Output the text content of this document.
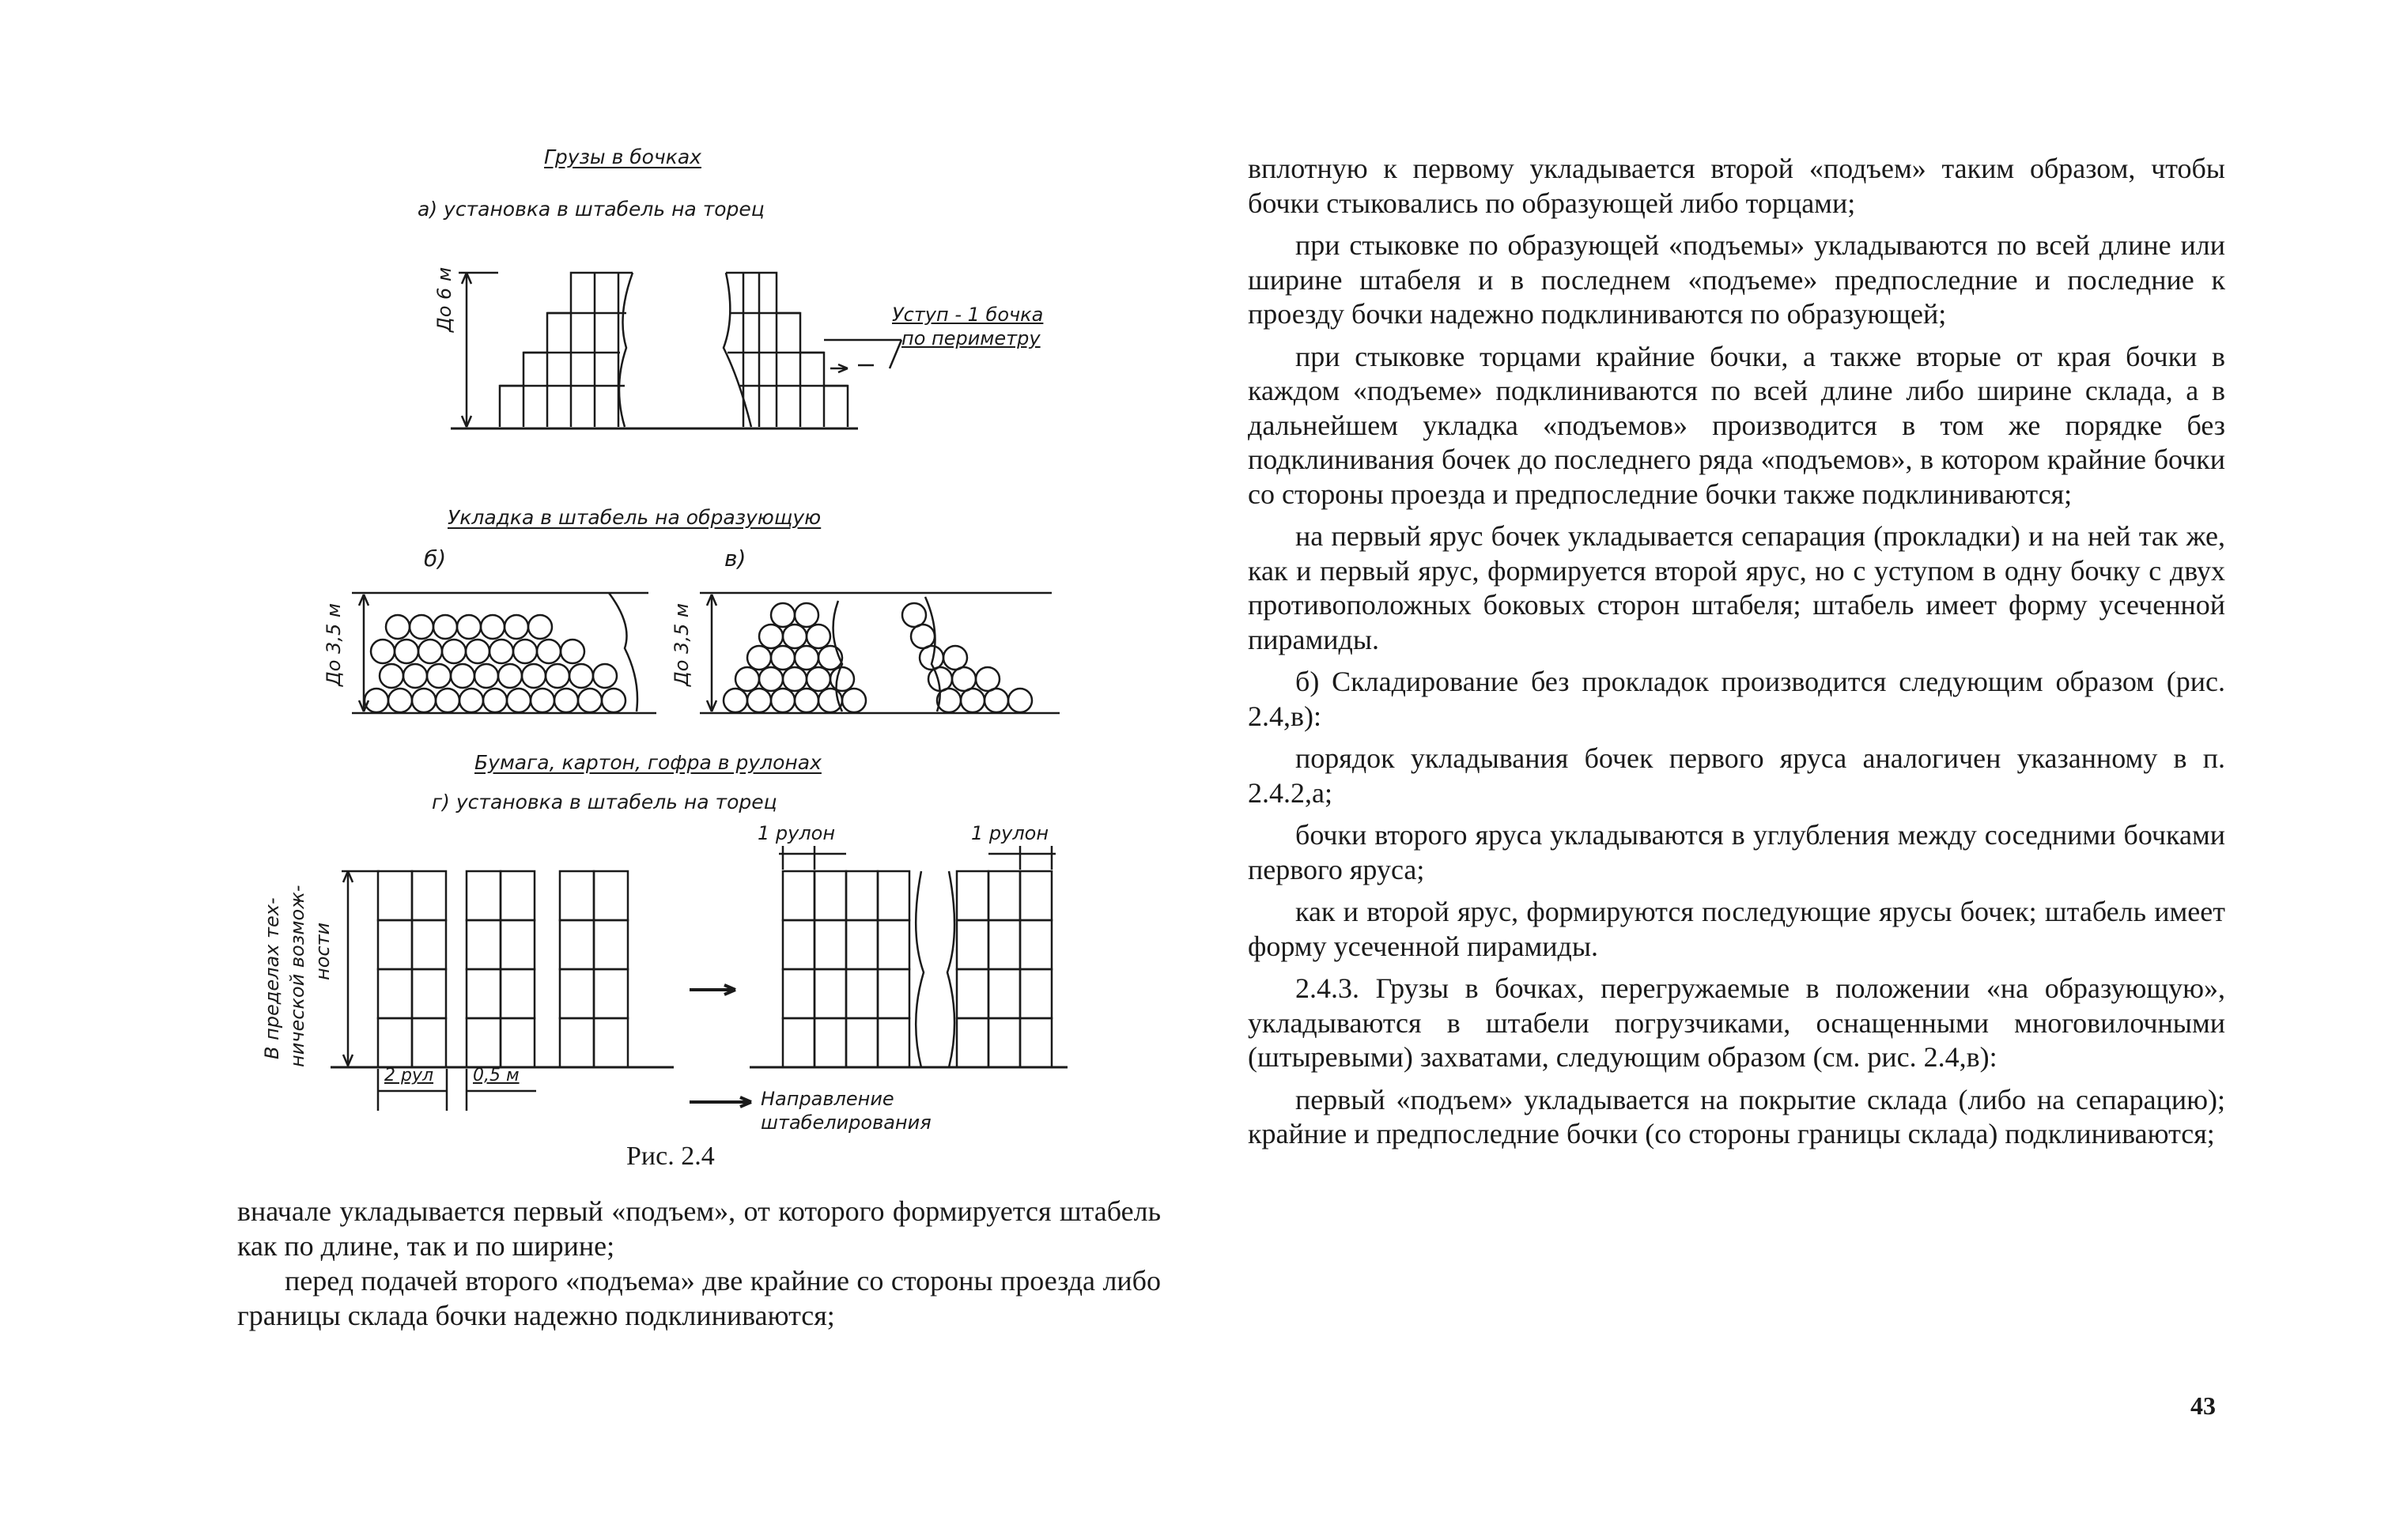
Грузы в бочках
а) установка в штабель на торец
Укладка в штабель на образующую
Бумага, картон, гофра в рулонах
г) установка в штабель на торец
Уступ - 1 бочка
по периметру
До 6 м
б)	в)
До 3,5 м	До 3,5 м
1 рулон	1 рулон
В пределах тех- нической возмож- ности
2 рул 0,5 м
Направление
штабелирования
Рис. 2.4

вначале укладывается первый «подъем», от которого формируется штабель как по длине, так и по ширине;

перед подачей второго «подъема» две крайние со стороны проезда либо границы склада бочки надежно подклиниваются;

вплотную к первому укладывается второй «подъем» таким образом, чтобы бочки стыковались по образующей либо торцами;

при стыковке по образующей «подъемы» укладываются по всей длине или ширине штабеля и в последнем «подъеме» предпоследние и последние к проезду бочки надежно подклиниваются по образующей;

при стыковке торцами крайние бочки, а также вторые от края бочки в каждом «подъеме» подклиниваются по всей длине либо ширине склада, а в дальнейшем укладка «подъемов» производится в том же порядке без подклинивания бочек до последнего ряда «подъемов», в котором крайние бочки со стороны проезда и предпоследние бочки также подклиниваются;

на первый ярус бочек укладывается сепарация (прокладки) и на ней так же, как и первый ярус, формируется второй ярус, но с уступом в одну бочку с двух противоположных боковых сторон штабеля; штабель имеет форму усеченной пирамиды.

б) Складирование без прокладок производится следующим образом (рис. 2.4,в):

порядок укладывания бочек первого яруса аналогичен указанному в п. 2.4.2,а;

бочки второго яруса укладываются в углубления между соседними бочками первого яруса;

как и второй ярус, формируются последующие ярусы бочек; штабель имеет форму усеченной пирамиды.

2.4.3. Грузы в бочках, перегружаемые в положении «на образующую», укладываются в штабели погрузчиками, оснащенными многовилочными (штыревыми) захватами, следующим образом (см. рис. 2.4,в):

первый «подъем» укладывается на покрытие склада (либо на сепарацию); крайние и предпоследние бочки (со стороны границы склада) подклиниваются;

43
